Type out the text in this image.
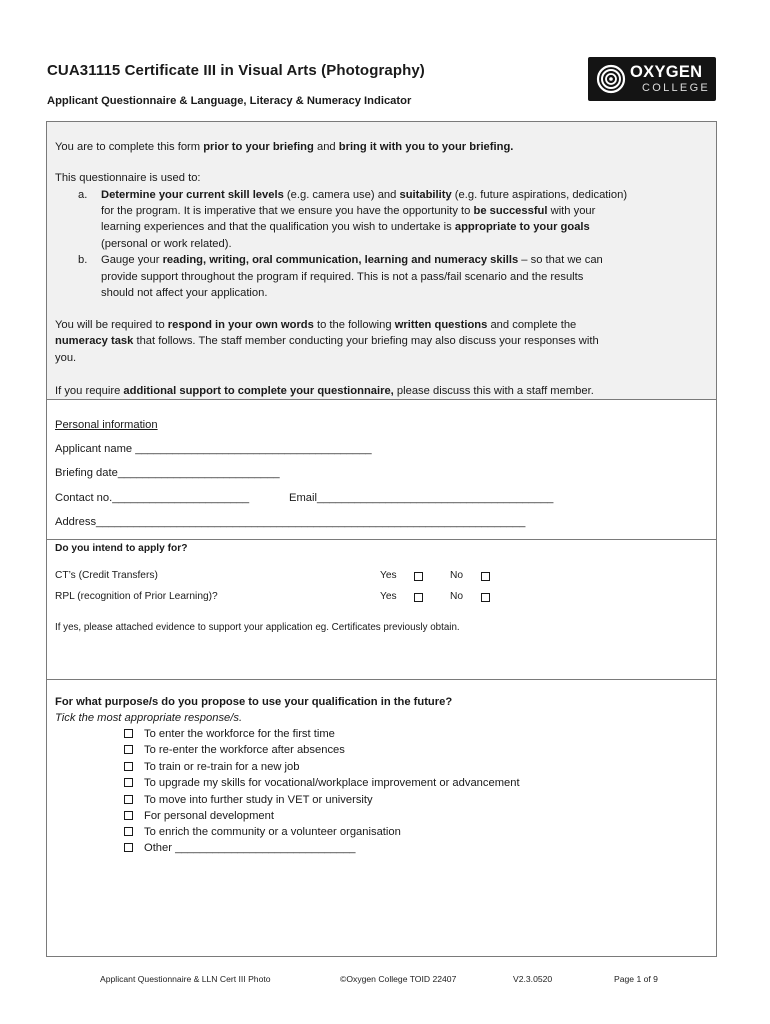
CUA31115 Certificate III in Visual Arts (Photography)
Applicant Questionnaire & Language, Literacy & Numeracy Indicator
OXYGEN
COLLEGE
You are to complete this form prior to your briefing and bring it with you to your briefing.
This questionnaire is used to:
a. Determine your current skill levels (e.g. camera use) and suitability (e.g. future aspirations, dedication)
for the program. It is imperative that we ensure you have the opportunity to be successful with your
learning experiences and that the qualification you wish to undertake is appropriate to your goals
(personal or work related).
b. Gauge your reading, writing, oral communication, learning and numeracy skills – so that we can
provide support throughout the program if required. This is not a pass/fail scenario and the results
should not affect your application.
You will be required to respond in your own words to the following written questions and complete the
numeracy task that follows. The staff member conducting your briefing may also discuss your responses with
you.
If you require additional support to complete your questionnaire, please discuss this with a staff member.
Personal information
Applicant name ______________________________________
Briefing date__________________________
Contact no.______________________	Email______________________________________
Address_____________________________________________________________________
Do you intend to apply for?
CT’s (Credit Transfers)	Yes	No
RPL (recognition of Prior Learning)?	Yes	No
If yes, please attached evidence to support your application eg. Certificates previously obtain.
For what purpose/s do you propose to use your qualification in the future?
Tick the most appropriate response/s.
To enter the workforce for the first time
To re-enter the workforce after absences
To train or re-train for a new job
To upgrade my skills for vocational/workplace improvement or advancement
To move into further study in VET or university
For personal development
To enrich the community or a volunteer organisation
Other _____________________________
Applicant Questionnaire & LLN Cert III Photo	©Oxygen College TOID 22407	V2.3.0520	Page 1 of 9
